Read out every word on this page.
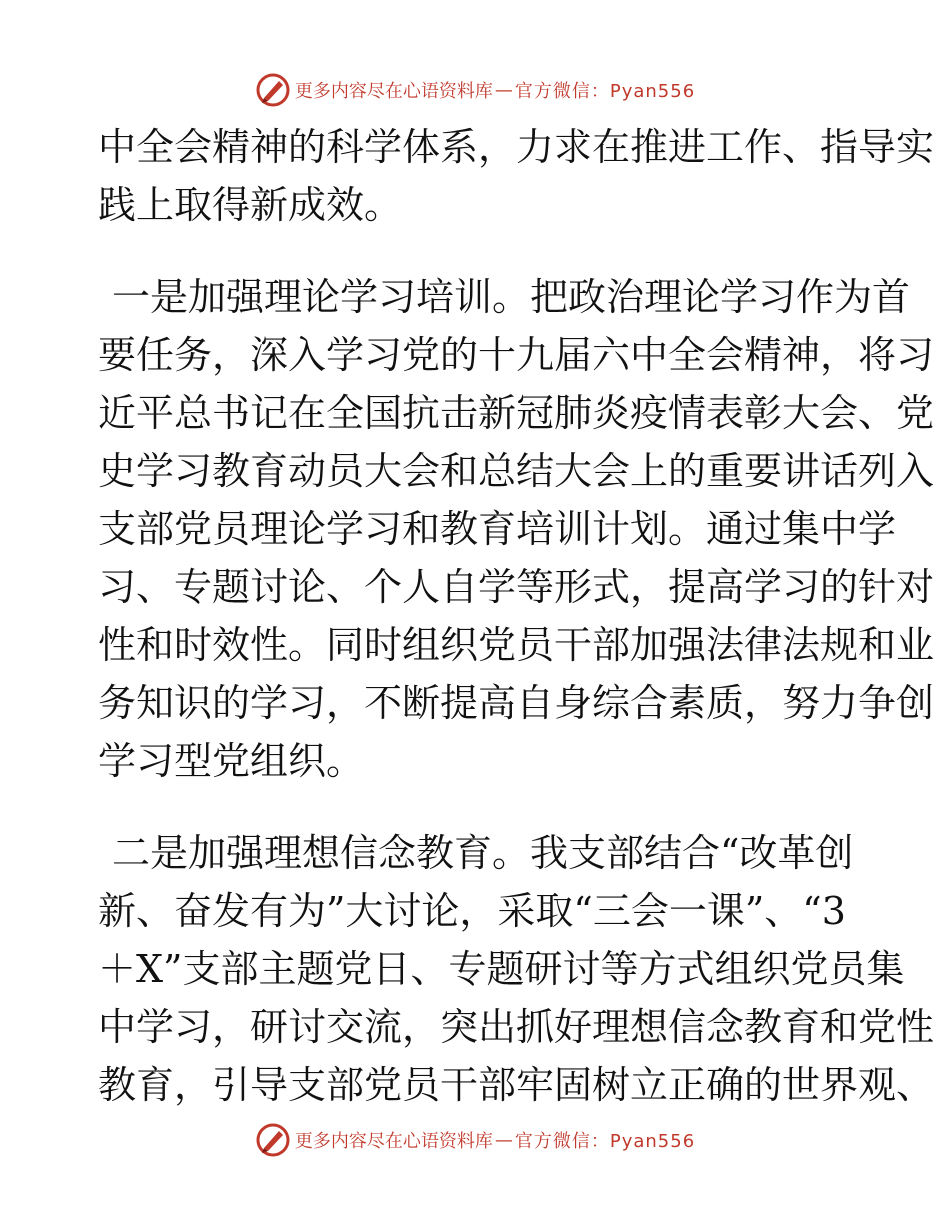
更多内容尽在心语资料库 — 官方微信：Pyan556

中全会精神的科学体系，力求在推进工作、指导实

践上取得新成效。

一是加强理论学习培训。把政治理论学习作为首

要任务，深入学习党的十九届六中全会精神，将习

近平总书记在全国抗击新冠肺炎疫情表彰大会、党

史学习教育动员大会和总结大会上的重要讲话列入

支部党员理论学习和教育培训计划。通过集中学

习、专题讨论、个人自学等形式，提高学习的针对

性和时效性。同时组织党员干部加强法律法规和业

务知识的学习，不断提高自身综合素质，努力争创

学习型党组织。

二是加强理想信念教育。我支部结合“改革创

新、奋发有为”大讨论，采取“三会一课”、“3

＋X”支部主题党日、专题研讨等方式组织党员集

中学习，研讨交流，突出抓好理想信念教育和党性

教育，引导支部党员干部牢固树立正确的世界观、

更多内容尽在心语资料库 — 官方微信：Pyan556
